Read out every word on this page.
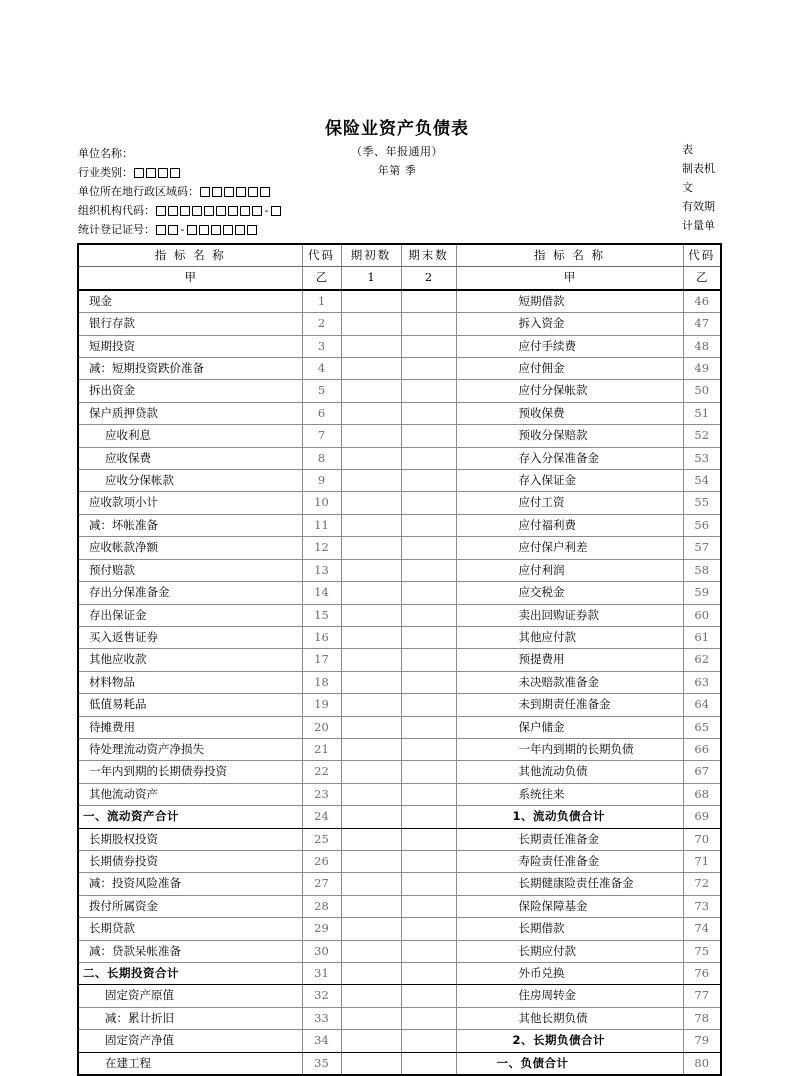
保险业资产负债表
（季、年报通用）
年第 季
单位名称：
行业类别：
单位所在地行政区域码：
组织机构代码：	-
统计登记证号： -
表
制表机
文
有效期
计量单
指 标 名 称	代码	期初数	期末数	指 标 名 称	代码
甲	乙	1	2	甲	乙
现金	1			短期借款	46
银行存款	2			拆入资金	47
短期投资	3			应付手续费	48
减：短期投资跌价准备	4			应付佣金	49
拆出资金	5			应付分保帐款	50
保户质押贷款	6			预收保费	51
应收利息	7			预收分保赔款	52
应收保费	8			存入分保准备金	53
应收分保帐款	9			存入保证金	54
应收款项小计	10			应付工资	55
减：坏帐准备	11			应付福利费	56
应收帐款净额	12			应付保户利差	57
预付赔款	13			应付利润	58
存出分保准备金	14			应交税金	59
存出保证金	15			卖出回购证券款	60
买入返售证券	16			其他应付款	61
其他应收款	17			预提费用	62
材料物品	18			未决赔款准备金	63
低值易耗品	19			未到期责任准备金	64
待摊费用	20			保户储金	65
待处理流动资产净损失	21			一年内到期的长期负债	66
一年内到期的长期债券投资	22			其他流动负债	67
其他流动资产	23			系统往来	68
一、流动资产合计	24			1、流动负债合计	69
长期股权投资	25			长期责任准备金	70
长期债券投资	26			寿险责任准备金	71
减：投资风险准备	27			长期健康险责任准备金	72
拨付所属资金	28			保险保障基金	73
长期贷款	29			长期借款	74
减：贷款呆帐准备	30			长期应付款	75
二、长期投资合计	31			外币兑换	76
固定资产原值	32			住房周转金	77
减：累计折旧	33			其他长期负债	78
固定资产净值	34			2、长期负债合计	79
在建工程	35			一、负债合计	80
